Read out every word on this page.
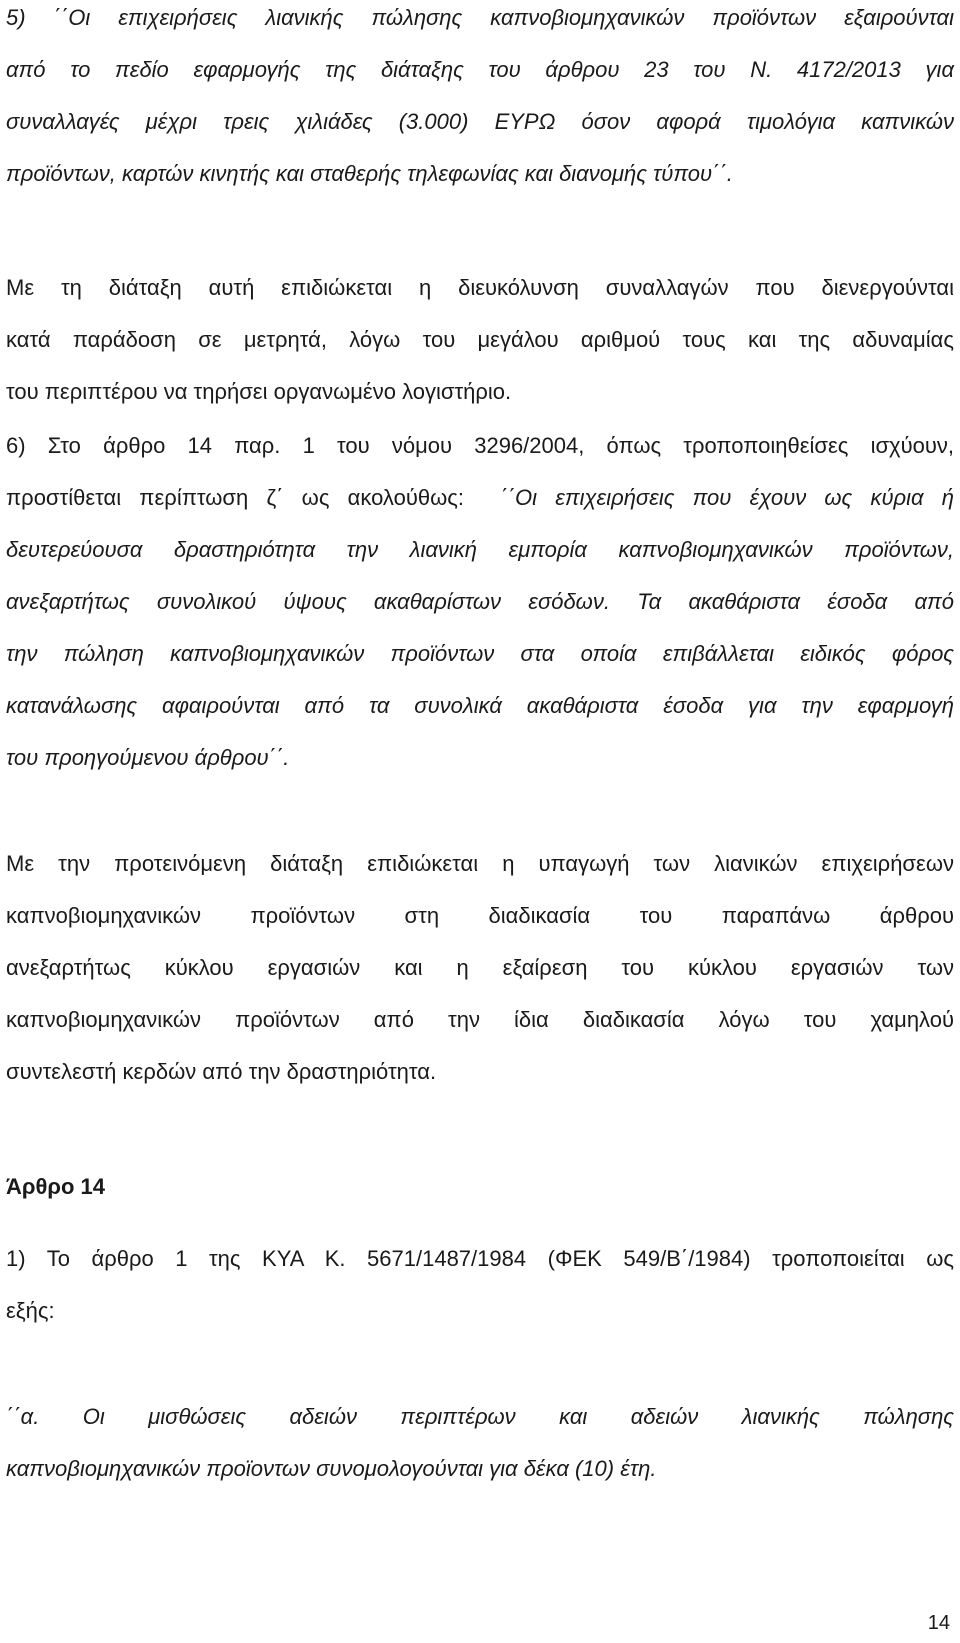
5) ΄΄Οι επιχειρήσεις λιανικής πώλησης καπνοβιομηχανικών προϊόντων εξαιρούνται
από το πεδίο εφαρμογής της διάταξης του άρθρου 23 του Ν. 4172/2013 για
συναλλαγές μέχρι τρεις χιλιάδες (3.000) ΕΥΡΩ όσον αφορά τιμολόγια καπνικών
προϊόντων, καρτών κινητής και σταθερής τηλεφωνίας και διανομής τύπου΄΄.
Με τη διάταξη αυτή επιδιώκεται η διευκόλυνση συναλλαγών που διενεργούνται
κατά παράδοση σε μετρητά, λόγω του μεγάλου αριθμού τους και της αδυναμίας
του περιπτέρου να τηρήσει οργανωμένο λογιστήριο.
6) Στο άρθρο 14 παρ. 1 του νόμου 3296/2004, όπως τροποποιηθείσες ισχύουν,
προστίθεται περίπτωση ζ΄ ως ακολούθως: ΄΄Οι επιχειρήσεις που έχουν ως κύρια ή
δευτερεύουσα δραστηριότητα την λιανική εμπορία καπνοβιομηχανικών προϊόντων,
ανεξαρτήτως συνολικού ύψους ακαθαρίστων εσόδων. Τα ακαθάριστα έσοδα από
την πώληση καπνοβιομηχανικών προϊόντων στα οποία επιβάλλεται ειδικός φόρος
κατανάλωσης αφαιρούνται από τα συνολικά ακαθάριστα έσοδα για την εφαρμογή
του προηγούμενου άρθρου΄΄.
Με την προτεινόμενη διάταξη επιδιώκεται η υπαγωγή των λιανικών επιχειρήσεων
καπνοβιομηχανικών προϊόντων στη διαδικασία του παραπάνω άρθρου
ανεξαρτήτως κύκλου εργασιών και η εξαίρεση του κύκλου εργασιών των
καπνοβιομηχανικών προϊόντων από την ίδια διαδικασία λόγω του χαμηλού
συντελεστή κερδών από την δραστηριότητα.
Άρθρο 14
1) Το άρθρο 1 της ΚΥΑ Κ. 5671/1487/1984 (ΦΕΚ 549/Β΄/1984) τροποποιείται ως
εξής:
΄΄α. Οι μισθώσεις αδειών περιπτέρων και αδειών λιανικής πώλησης
καπνοβιομηχανικών προϊοντων συνομολογούνται για δέκα (10) έτη.
14
